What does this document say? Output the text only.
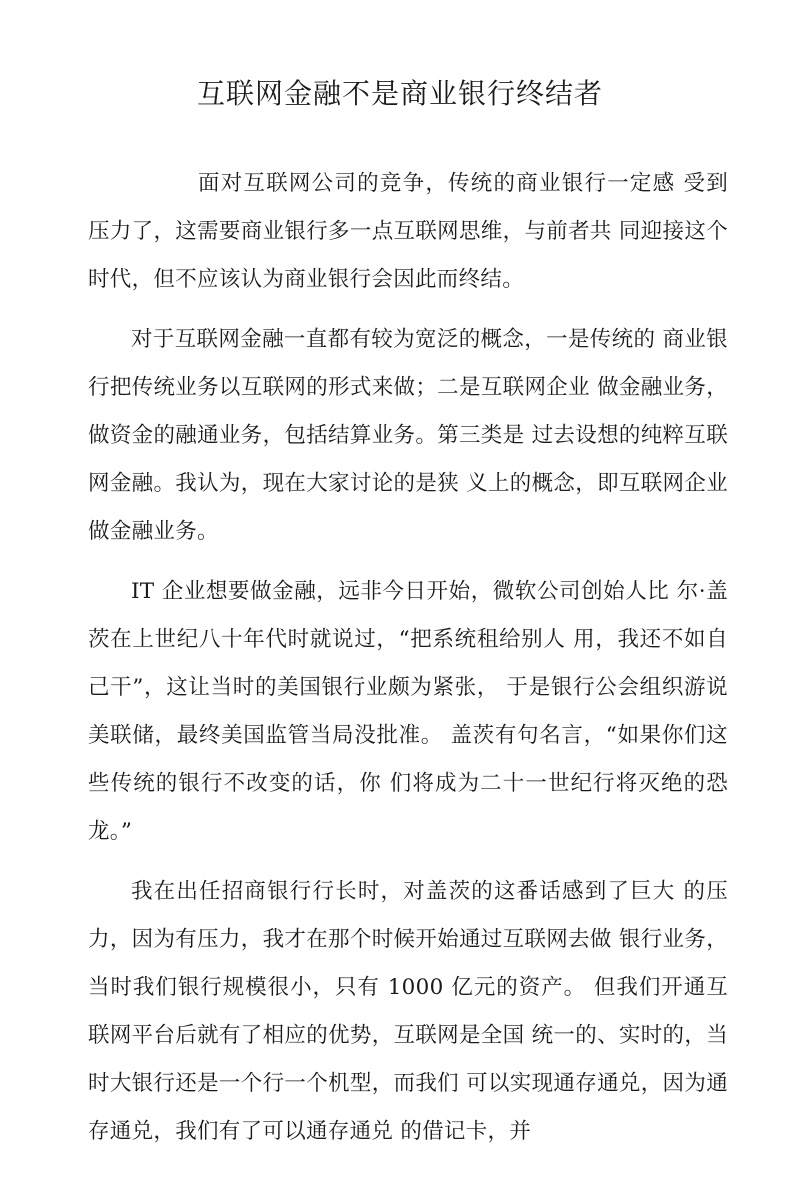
互联网金融不是商业银行终结者

面对互联网公司的竞争，传统的商业银行一定感 受到压力了，这需要商业银行多一点互联网思维，与前者共 同迎接这个时代，但不应该认为商业银行会因此而终结。

对于互联网金融一直都有较为宽泛的概念，一是传统的 商业银行把传统业务以互联网的形式来做；二是互联网企业 做金融业务，做资金的融通业务，包括结算业务。第三类是 过去设想的纯粹互联网金融。我认为，现在大家讨论的是狭 义上的概念，即互联网企业做金融业务。

IT 企业想要做金融，远非今日开始，微软公司创始人比 尔·盖茨在上世纪八十年代时就说过，“把系统租给别人 用，我还不如自己干”，这让当时的美国银行业颇为紧张， 于是银行公会组织游说美联储，最终美国监管当局没批准。 盖茨有句名言，“如果你们这些传统的银行不改变的话，你 们将成为二十一世纪行将灭绝的恐龙。”

我在出任招商银行行长时，对盖茨的这番话感到了巨大 的压力，因为有压力，我才在那个时候开始通过互联网去做 银行业务，当时我们银行规模很小，只有 1000 亿元的资产。 但我们开通互联网平台后就有了相应的优势，互联网是全国 统一的、实时的，当时大银行还是一个行一个机型，而我们 可以实现通存通兑，因为通存通兑，我们有了可以通存通兑 的借记卡，并
